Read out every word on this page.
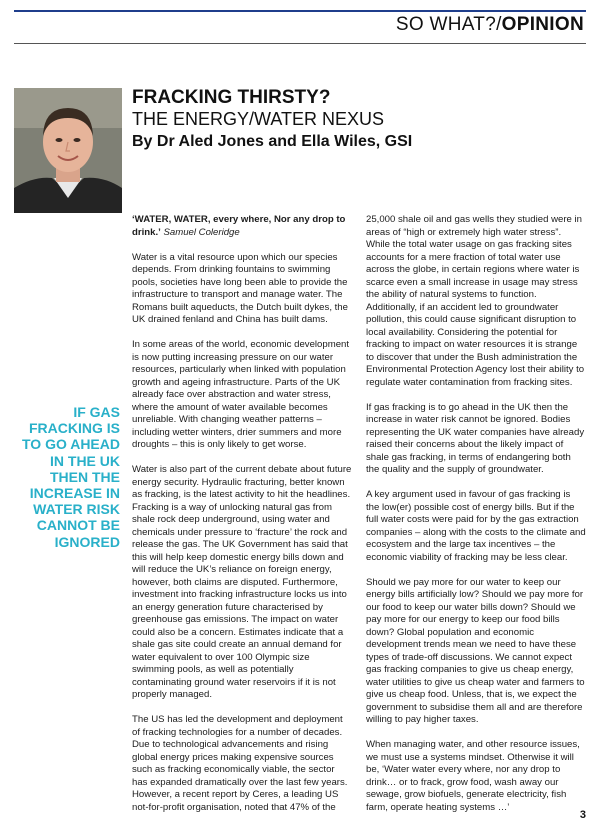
SO WHAT?/OPINION
FRACKING THIRSTY?
THE ENERGY/WATER NEXUS
By Dr Aled Jones and Ella Wiles, GSI
IF GAS FRACKING IS TO GO AHEAD IN THE UK THEN THE INCREASE IN WATER RISK CANNOT BE IGNORED

‘WATER, WATER, every where, Nor any drop to drink.’ Samuel Coleridge

Water is a vital resource upon which our species depends. From drinking fountains to swimming pools, societies have long been able to provide the infrastructure to transport and manage water. The Romans built aqueducts, the Dutch built dykes, the UK drained fenland and China has built dams.

In some areas of the world, economic development is now putting increasing pressure on our water resources, particularly when linked with population growth and ageing infrastructure. Parts of the UK already face over abstraction and water stress, where the amount of water available becomes unreliable. With changing weather patterns – including wetter winters, drier summers and more droughts – this is only likely to get worse.

Water is also part of the current debate about future energy security. Hydraulic fracturing, better known as fracking, is the latest activity to hit the headlines. Fracking is a way of unlocking natural gas from shale rock deep underground, using water and chemicals under pressure to ‘fracture’ the rock and release the gas. The UK Government has said that this will help keep domestic energy bills down and will reduce the UK’s reliance on foreign energy, however, both claims are disputed. Furthermore, investment into fracking infrastructure locks us into an energy generation future characterised by greenhouse gas emissions. The impact on water could also be a concern. Estimates indicate that a shale gas site could create an annual demand for water equivalent to over 100 Olympic size swimming pools, as well as potentially contaminating ground water reservoirs if it is not properly managed.

The US has led the development and deployment of fracking technologies for a number of decades. Due to technological advancements and rising global energy prices making expensive sources such as fracking economically viable, the sector has expanded dramatically over the last few years. However, a recent report by Ceres, a leading US not-for-profit organisation, noted that 47% of the

25,000 shale oil and gas wells they studied were in areas of “high or extremely high water stress”. While the total water usage on gas fracking sites accounts for a mere fraction of total water use across the globe, in certain regions where water is scarce even a small increase in usage may stress the ability of natural systems to function. Additionally, if an accident led to groundwater pollution, this could cause significant disruption to local availability. Considering the potential for fracking to impact on water resources it is strange to discover that under the Bush administration the Environmental Protection Agency lost their ability to regulate water contamination from fracking sites.

If gas fracking is to go ahead in the UK then the increase in water risk cannot be ignored. Bodies representing the UK water companies have already raised their concerns about the likely impact of shale gas fracking, in terms of endangering both the quality and the supply of groundwater.

A key argument used in favour of gas fracking is the low(er) possible cost of energy bills. But if the full water costs were paid for by the gas extraction companies – along with the costs to the climate and ecosystem and the large tax incentives – the economic viability of fracking may be less clear.

Should we pay more for our water to keep our energy bills artificially low? Should we pay more for our food to keep our water bills down? Should we pay more for our energy to keep our food bills down? Global population and economic development trends mean we need to have these types of trade-off discussions. We cannot expect gas fracking companies to give us cheap energy, water utilities to give us cheap water and farmers to give us cheap food. Unless, that is, we expect the government to subsidise them all and are therefore willing to pay higher taxes.

When managing water, and other resource issues, we must use a systems mindset. Otherwise it will be, ‘Water water every where, nor any drop to drink… or to frack, grow food, wash away our sewage, grow biofuels, generate electricity, fish farm, operate heating systems …’

3
